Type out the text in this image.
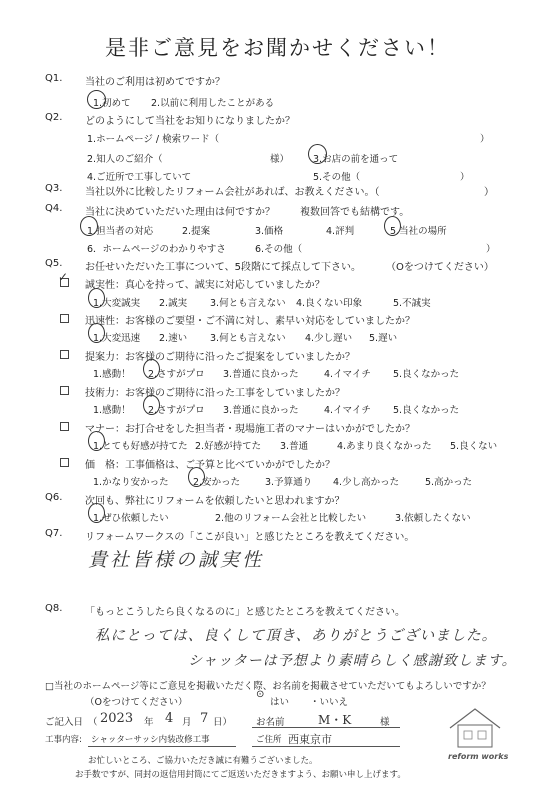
是非ご意見をお聞かせください！
Q1. 当社のご利用は初めてですか？
1.初めて 2.以前に利用したことがある
Q2. どのようにして当社をお知りになりましたか？
1.ホームページ / 検索ワード（	）
2.知人のご紹介（	様）	3.お店の前を通って
4.ご近所で工事していて	5.その他（	）
Q3. 当社以外に比較したリフォーム会社があれば、お教えください。（	）
Q4. 当社に決めていただいた理由は何ですか？	複数回答でも結構です。
1.担当者の対応	2.提案	3.価格	4.評判	5.当社の場所
6．ホームページのわかりやすさ	6.その他（	）
Q5. お任せいただいた工事について、5段階にて採点して下さい。	（Oをつけてください）
✓
誠実性：真心を持って、誠実に対応していましたか？
1.大変誠実 2.誠実 3.何とも言えない 4.良くない印象	5.不誠実
迅速性：お客様のご要望・ご不満に対し、素早い対応をしていましたか？
1.大変迅速 2.速い 3.何とも言えない 4.少し遅い 5.遅い
提案力：お客様のご期待に沿ったご提案をしていましたか？
1.感動！ 2.さすがプロ 3.普通に良かった	4.イマイチ 5.良くなかった
技術力：お客様のご期待に沿った工事をしていましたか？
1.感動！ 2.さすがプロ 3.普通に良かった	4.イマイチ 5.良くなかった
マナー：お打合せをした担当者・現場施工者のマナーはいかがでしたか？
1.とても好感が持てた 2.好感が持てた 3.普通	4.あまり良くなかった 5.良くない
価　格：工事価格は、ご予算と比べていかがでしたか？
1.かなり安かった	2.安かった	3.予算通り 4.少し高かった	5.高かった
Q6. 次回も、弊社にリフォームを依頼したいと思われますか？
1.ぜひ依頼したい	2.他のリフォーム会社と比較したい	3.依頼したくない
Q7. リフォームワークスの「ここが良い」と感じたところを教えてください。
貴社皆様の誠実性
Q8. 「もっとこうしたら良くなるのに」と感じたところを教えてください。
私にとっては、良くして頂き、ありがとうございました。
シャッターは予想より素晴らしく感謝致します。
□当社のホームページ等にご意見を掲載いただく際、お名前を掲載させていただいてもよろしいですか？
（Oをつけてください）
⊙
はい ・いいえ
ご記入日 （ 2023 年 4 月 7 日）	お名前	M・K	様
工事内容: シャッターサッシ内装改修工事	ご住所 西東京市
お忙しいところ、ご協力いただき誠に有難うございました。
お手数ですが、同封の返信用封筒にてご返送いただきますよう、お願い申し上げます。
reform works
